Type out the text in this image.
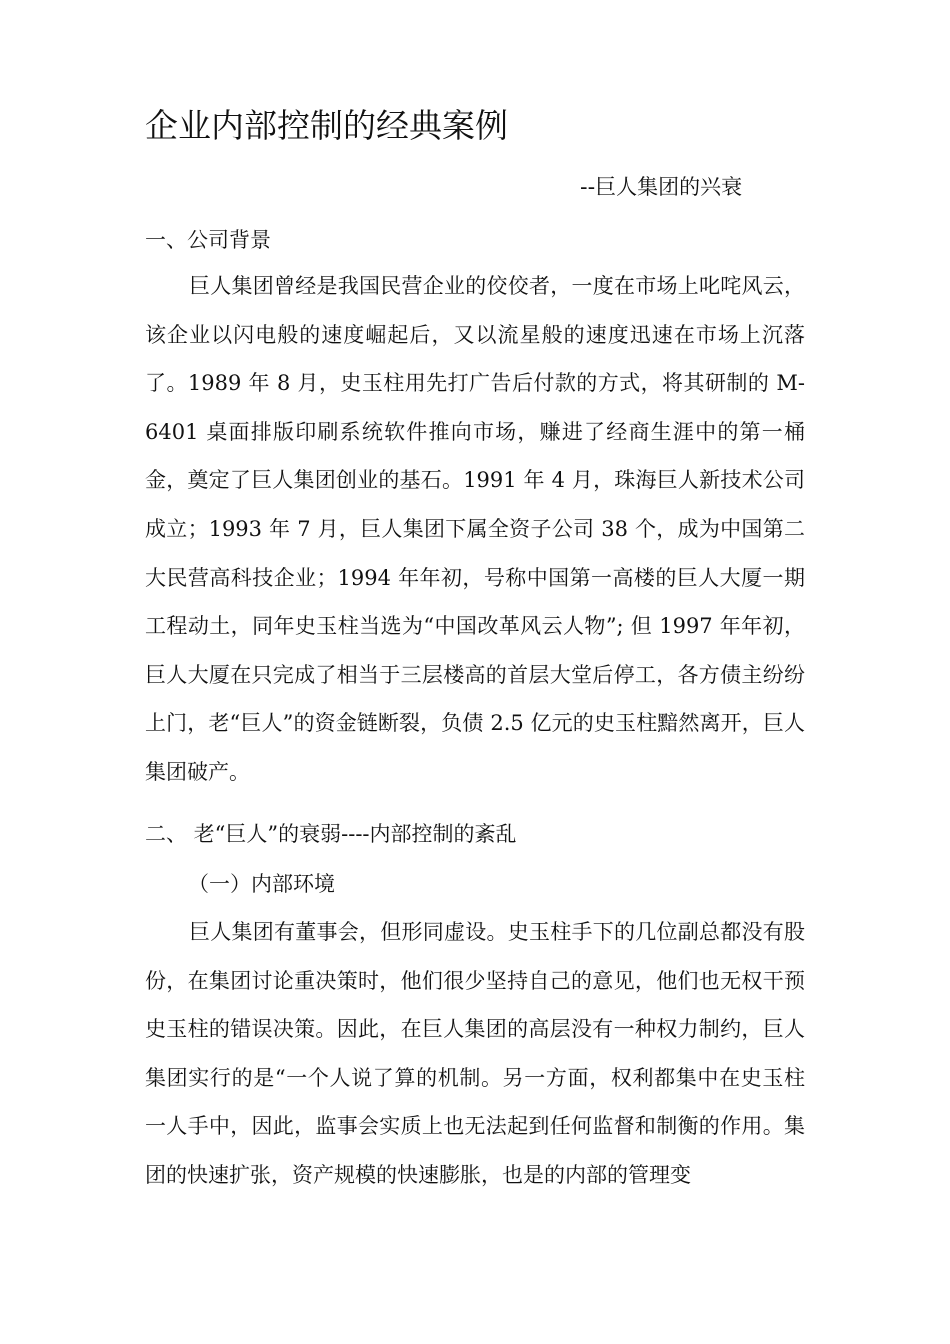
企业内部控制的经典案例
--巨人集团的兴衰
一、公司背景

巨人集团曾经是我国民营企业的佼佼者，一度在市场上叱咤风云，该企业以闪电般的速度崛起后，又以流星般的速度迅速在市场上沉落了。1989 年 8 月，史玉柱用先打广告后付款的方式，将其研制的 M-6401 桌面排版印刷系统软件推向市场，赚进了经商生涯中的第一桶金，奠定了巨人集团创业的基石。1991 年 4 月，珠海巨人新技术公司成立；1993 年 7 月，巨人集团下属全资子公司 38 个，成为中国第二大民营高科技企业；1994 年年初，号称中国第一高楼的巨人大厦一期工程动土，同年史玉柱当选为“中国改革风云人物”; 但 1997 年年初，巨人大厦在只完成了相当于三层楼高的首层大堂后停工，各方债主纷纷上门，老“巨人”的资金链断裂，负债 2.5 亿元的史玉柱黯然离开，巨人集团破产。

二、 老“巨人”的衰弱----内部控制的紊乱
（一）内部环境

巨人集团有董事会，但形同虚设。史玉柱手下的几位副总都没有股份，在集团讨论重决策时，他们很少坚持自己的意见，他们也无权干预史玉柱的错误决策。因此，在巨人集团的高层没有一种权力制约，巨人集团实行的是“一个人说了算的机制。另一方面，权利都集中在史玉柱一人手中，因此，监事会实质上也无法起到任何监督和制衡的作用。集团的快速扩张，资产规模的快速膨胀，也是的内部的管理变
